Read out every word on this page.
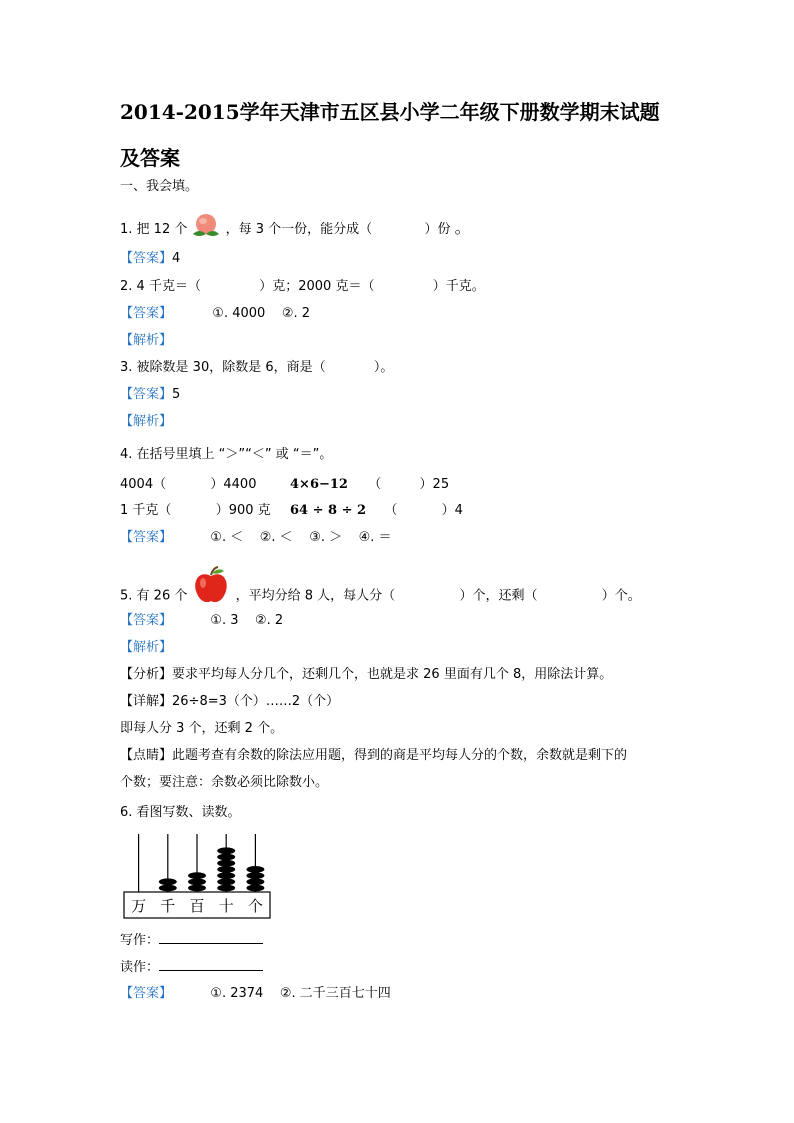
2014-2015学年天津市五区县小学二年级下册数学期末试题
及答案
一、我会填。
1. 把 12 个	，每 3 个一份，能分成（	）份 。
【答案】4
2. 4 千克＝（	）克；2000 克＝（	）千克。
【答案】	①. 4000    ②. 2
【解析】
3. 被除数是 30，除数是 6，商是（	）。
【答案】5
【解析】
4. 在括号里填上 “＞”“＜” 或 “＝”。
4004（	）4400	4×6−12 （	）25
1 千克（	）900 克 64 ÷ 8 ÷ 2 （	）4
【答案】	①. ＜    ②. ＜    ③. ＞    ④. ＝
5. 有 26 个	，平均分给 8 人，每人分（	）个，还剩（	）个。
【答案】	①. 3    ②. 2
【解析】
【分析】要求平均每人分几个，还剩几个，也就是求 26 里面有几个 8，用除法计算。
【详解】26÷8=3（个）……2（个）
即每人分 3 个，还剩 2 个。
【点睛】此题考查有余数的除法应用题，得到的商是平均每人分的个数，余数就是剩下的
个数；要注意：余数必须比除数小。
6. 看图写数、读数。
万 千 百 十 个
写作：
读作：
【答案】	①. 2374    ②. 二千三百七十四
